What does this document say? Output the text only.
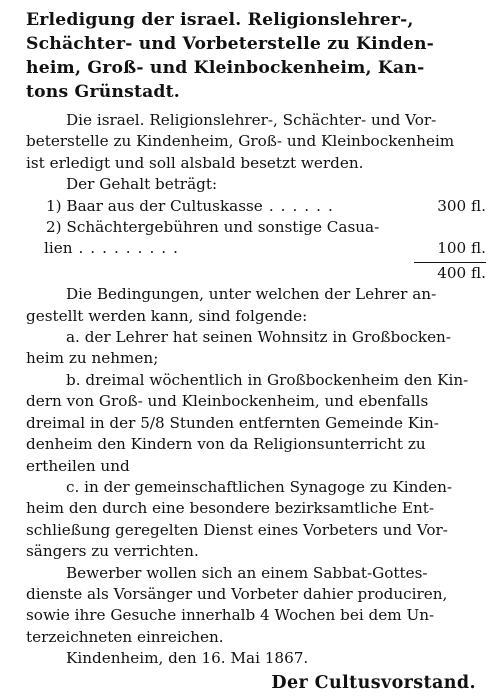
Erledigung der israel. Religionslehrer-,
Schächter- und Vorbeterstelle zu Kinden-
heim, Groß- und Kleinbockenheim, Kan-
tons Grünstadt.
Die israel. Religionslehrer-, Schächter- und Vor-
beterstelle zu Kindenheim, Groß- und Kleinbockenheim
ist erledigt und soll alsbald besetzt werden.
Der Gehalt beträgt:
1) Baar aus der Cultuskasse ......	300 fl.
2) Schächtergebühren und sonstige Casua-
lien .........	100 fl.
400 fl.
Die Bedingungen, unter welchen der Lehrer an-
gestellt werden kann, sind folgende:
a. der Lehrer hat seinen Wohnsitz in Großbocken-
heim zu nehmen;
b. dreimal wöchentlich in Großbockenheim den Kin-
dern von Groß- und Kleinbockenheim, und ebenfalls
dreimal in der 5/8 Stunden entfernten Gemeinde Kin-
denheim den Kindern von da Religionsunterricht zu
ertheilen und
c. in der gemeinschaftlichen Synagoge zu Kinden-
heim den durch eine besondere bezirksamtliche Ent-
schließung geregelten Dienst eines Vorbeters und Vor-
sängers zu verrichten.
Bewerber wollen sich an einem Sabbat-Gottes-
dienste als Vorsänger und Vorbeter dahier produciren,
sowie ihre Gesuche innerhalb 4 Wochen bei dem Un-
terzeichneten einreichen.
Kindenheim, den 16. Mai 1867.
Der Cultusvorstand.
